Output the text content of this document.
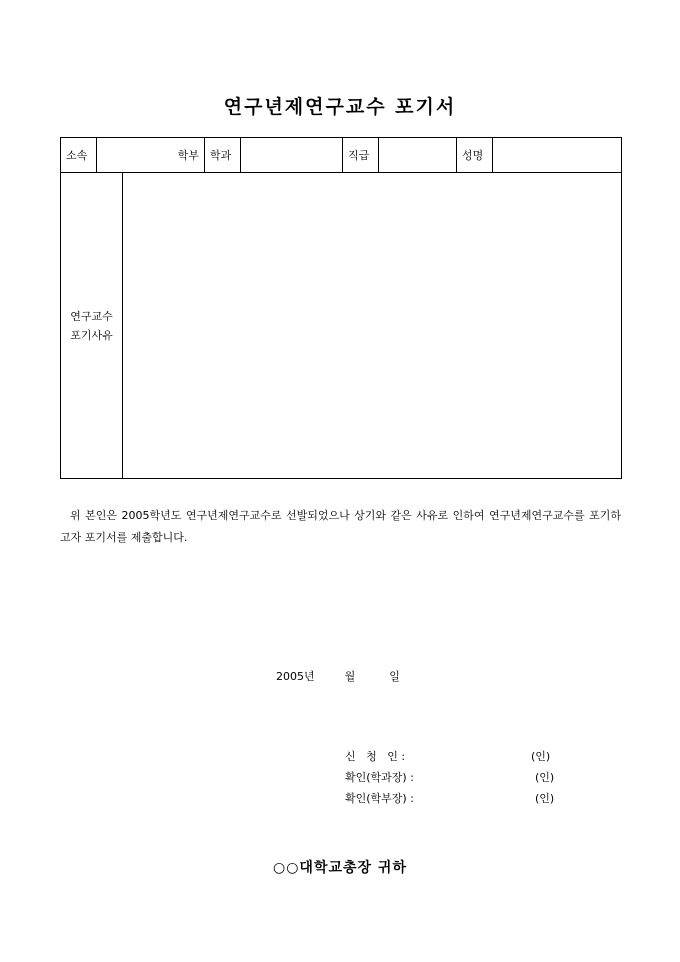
연구년제연구교수 포기서
소속	학부		학과		직급		성명	

연구교수
포기사유								

위 본인은 2005학년도 연구년제연구교수로 선발되었으나 상기와 같은 사유로 인하여 연구년제연구교수를 포기하고자 포기서를 제출합니다.
2005년	월	일
신   청   인 :	(인)
확인(학과장) :	(인)
확인(학부장) :	(인)
○○대학교총장 귀하
